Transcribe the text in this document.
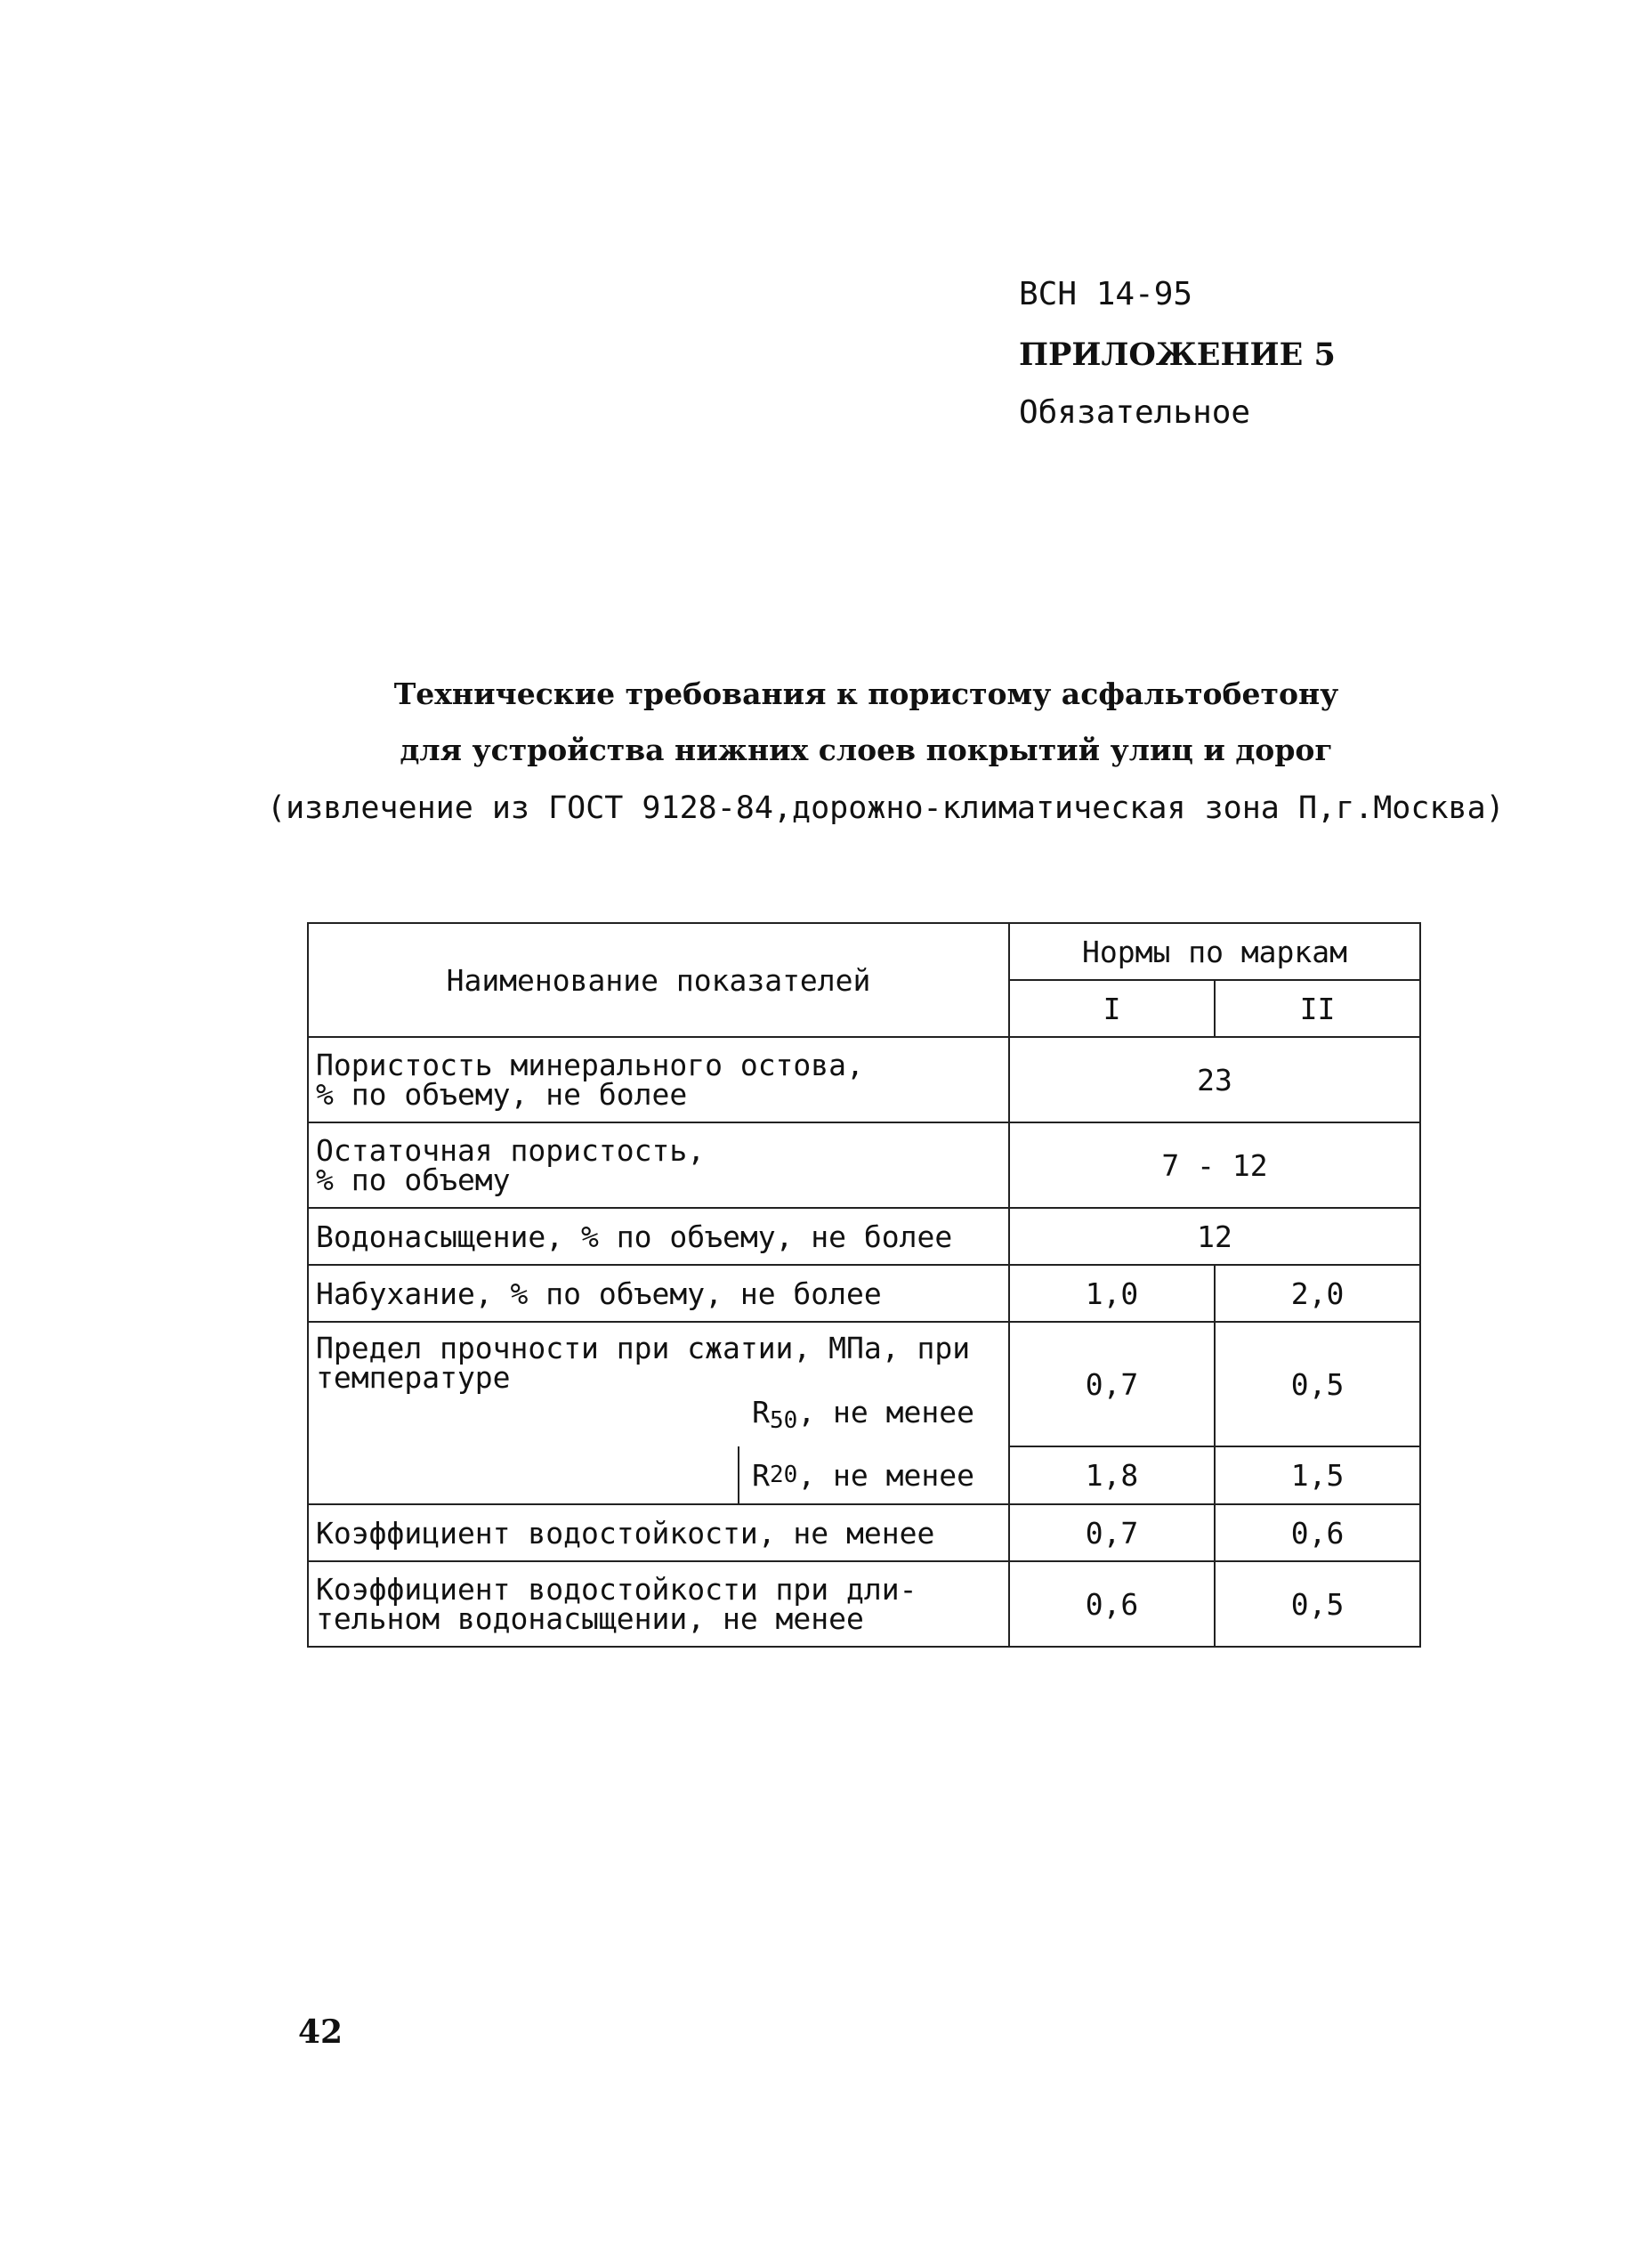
ВСН 14-95
ПРИЛОЖЕНИЕ 5
Обязательное
Технические требования к пористому асфальтобетону
для устройства нижних слоев покрытий улиц и дорог
(извлечение из ГОСТ 9128-84,дорожно-климатическая зона П,г.Москва)
Наименование показателей	Нормы по маркам	
	I	II

Пористость минерального остова,
% по объему, не более	23	

Остаточная пористость,
% по объему	7 - 12	
Водонасыщение, % по объему, не более	12	
Набухание, % по объему, не более	1,0	2,0

Предел прочности при сжатии, МПа, при температуре
$R_{50}$, не менее	0,7	0,5

R 20 , не менее	1,8	1,5
Коэффициент водостойкости, не менее	0,7	0,6

Коэффициент водостойкости при дли-
тельном водонасыщении, не менее	0,6	0,5
42
